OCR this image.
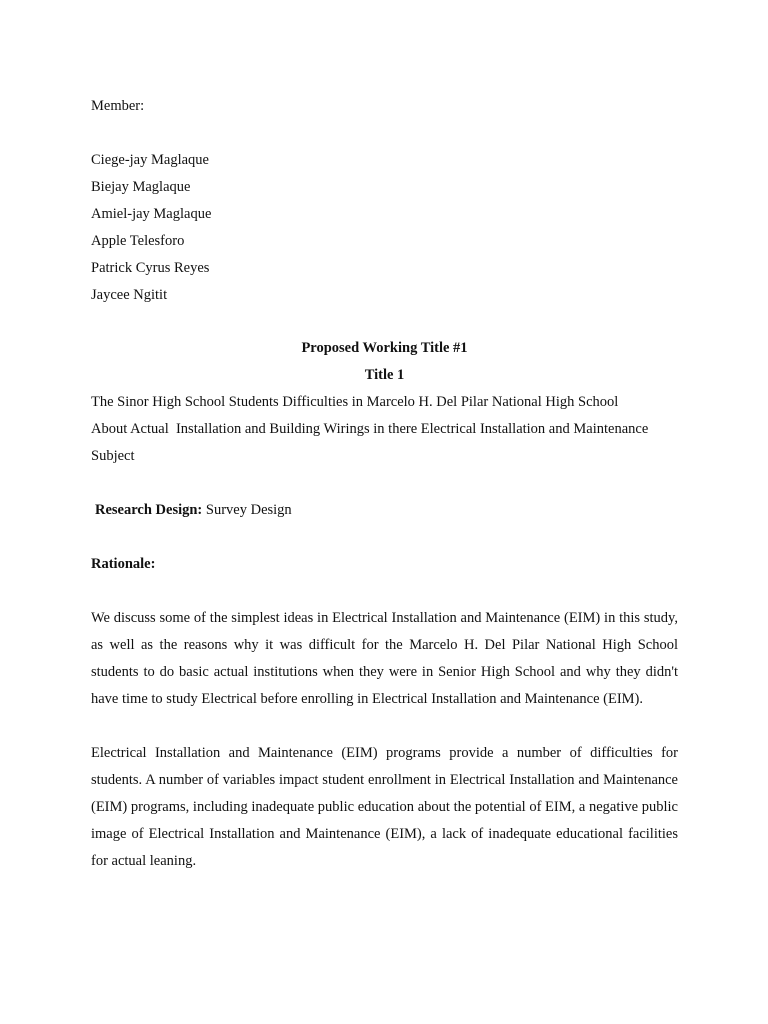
Member:
Ciege-jay Maglaque
Biejay Maglaque
Amiel-jay Maglaque
Apple Telesforo
Patrick Cyrus Reyes
Jaycee Ngitit
Proposed Working Title #1
Title 1
The Sinor High School Students Difficulties in Marcelo H. Del Pilar National High School
About Actual  Installation and Building Wirings in there Electrical Installation and Maintenance
Subject
Research Design: Survey Design
Rationale:

We discuss some of the simplest ideas in Electrical Installation and Maintenance (EIM) in this study, as well as the reasons why it was difficult for the Marcelo H. Del Pilar National High School students to do basic actual institutions when they were in Senior High School and why they didn't have time to study Electrical before enrolling in Electrical Installation and Maintenance (EIM).

Electrical Installation and Maintenance (EIM) programs provide a number of difficulties for students. A number of variables impact student enrollment in Electrical Installation and Maintenance (EIM) programs, including inadequate public education about the potential of EIM, a negative public image of Electrical Installation and Maintenance (EIM), a lack of inadequate educational facilities for actual leaning.
